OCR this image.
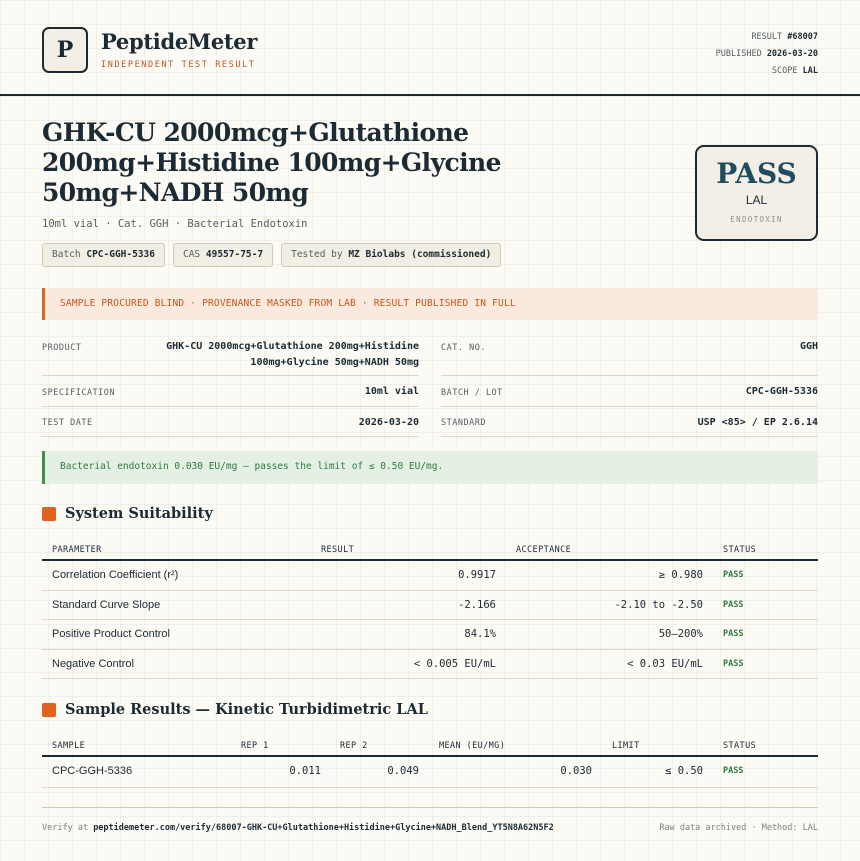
P PeptideMeter
INDEPENDENT TEST RESULT
RESULT #68007
PUBLISHED 2026-03-20
SCOPE LAL
GHK-CU 2000mcg+Glutathione 200mg+Histidine 100mg+Glycine 50mg+NADH 50mg
10ml vial · Cat. GGH · Bacterial Endotoxin
Batch CPC-GGH-5336	CAS 49557-75-7	Tested by MZ Biolabs (commissioned)
PASS
LAL
ENDOTOXIN
SAMPLE PROCURED BLIND · PROVENANCE MASKED FROM LAB · RESULT PUBLISHED IN FULL
PRODUCT	GHK-CU 2000mcg+Glutathione 200mg+Histidine
100mg+Glycine 50mg+NADH 50mg
CAT. NO.	GGH
SPECIFICATION	10ml vial	BATCH / LOT	CPC-GGH-5336
TEST DATE	2026-03-20	STANDARD	USP <85> / EP 2.6.14
Bacterial endotoxin 0.030 EU/mg — passes the limit of ≤ 0.50 EU/mg.
System Suitability
PARAMETER	RESULT	ACCEPTANCE	STATUS
Correlation Coefficient (r²)	0.9917	≥ 0.980 PASS
Standard Curve Slope	-2.166	-2.10 to -2.50 PASS
Positive Product Control	84.1%	50–200% PASS
Negative Control	< 0.005 EU/mL	< 0.03 EU/mL PASS
Sample Results — Kinetic Turbidimetric LAL
SAMPLE	REP 1	REP 2	MEAN (EU/MG)	LIMIT	STATUS
CPC-GGH-5336	0.011	0.049	0.030	≤ 0.50 PASS
Verify at peptidemeter.com/verify/68007-GHK-CU+Glutathione+Histidine+Glycine+NADH_Blend_YT5N8A62N5F2	Raw data archived · Method: LAL
